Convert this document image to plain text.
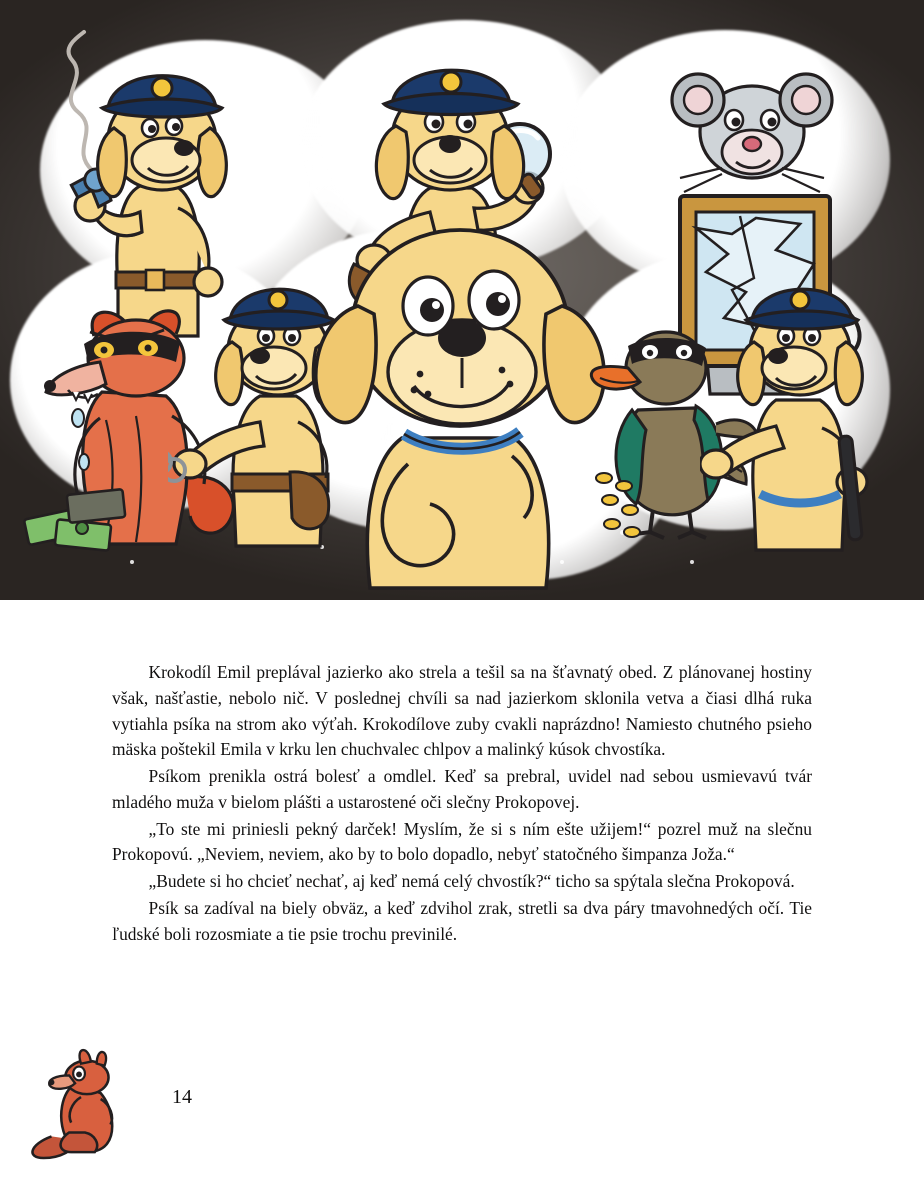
Krokodíl Emil preplával jazierko ako strela a tešil sa na šťavnatý obed. Z plánovanej hostiny však, našťastie, nebolo nič. V poslednej chvíli sa nad jazierkom sklonila vetva a čiasi dlhá ruka vytiahla psíka na strom ako výťah. Krokodílove zuby cvakli naprázdno! Namiesto chutného psieho mäska poštekil Emila v krku len chuchvalec chlpov a malinký kúsok chvostíka.

Psíkom prenikla ostrá bolesť a omdlel. Keď sa prebral, uvidel nad sebou usmievavú tvár mladého muža v bielom plášti a ustarostené oči slečny Prokopovej.

„To ste mi priniesli pekný darček! Myslím, že si s ním ešte užijem!“ pozrel muž na slečnu Prokopovú. „Neviem, neviem, ako by to bolo dopadlo, nebyť statočného šimpanza Joža.“

„Budete si ho chcieť nechať, aj keď nemá celý chvostík?“ ticho sa spýtala slečna Prokopová.

Psík sa zadíval na biely obväz, a keď zdvihol zrak, stretli sa dva páry tmavohnedých očí. Tie ľudské boli rozosmiate a tie psie trochu previnilé.

14
